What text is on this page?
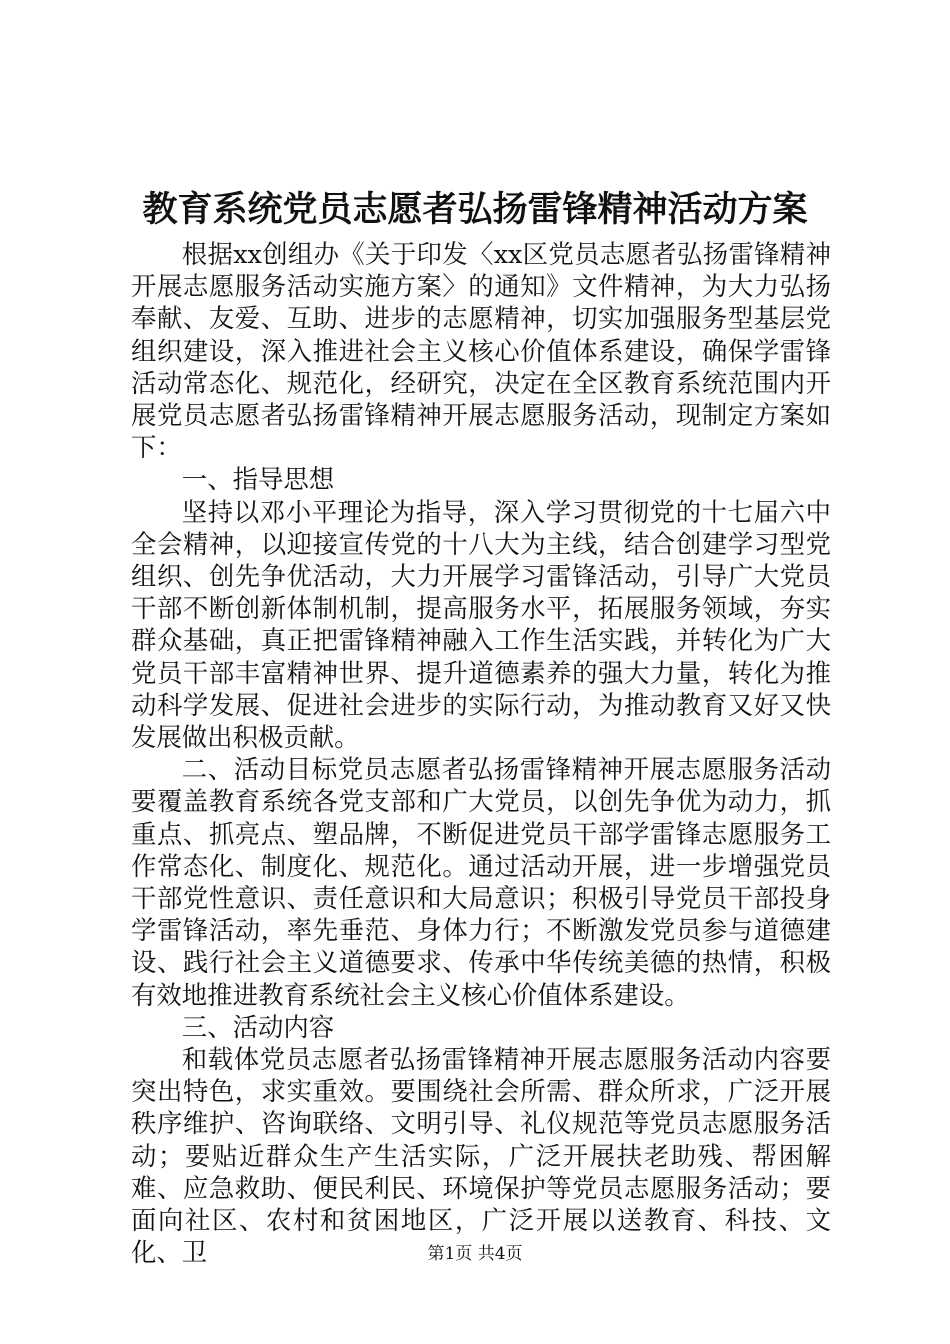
教育系统党员志愿者弘扬雷锋精神活动方案

根据xx创组办《关于印发〈xx区党员志愿者弘扬雷锋精神开展志愿服务活动实施方案〉的通知》文件精神，为大力弘扬奉献、友爱、互助、进步的志愿精神，切实加强服务型基层党组织建设，深入推进社会主义核心价值体系建设，确保学雷锋活动常态化、规范化，经研究，决定在全区教育系统范围内开展党员志愿者弘扬雷锋精神开展志愿服务活动，现制定方案如下：

一、指导思想

坚持以邓小平理论为指导，深入学习贯彻党的十七届六中全会精神，以迎接宣传党的十八大为主线，结合创建学习型党组织、创先争优活动，大力开展学习雷锋活动，引导广大党员干部不断创新体制机制，提高服务水平，拓展服务领域，夯实群众基础，真正把雷锋精神融入工作生活实践，并转化为广大党员干部丰富精神世界、提升道德素养的强大力量，转化为推动科学发展、促进社会进步的实际行动，为推动教育又好又快发展做出积极贡献。

二、活动目标党员志愿者弘扬雷锋精神开展志愿服务活动要覆盖教育系统各党支部和广大党员，以创先争优为动力，抓重点、抓亮点、塑品牌，不断促进党员干部学雷锋志愿服务工作常态化、制度化、规范化。通过活动开展，进一步增强党员干部党性意识、责任意识和大局意识；积极引导党员干部投身学雷锋活动，率先垂范、身体力行；不断激发党员参与道德建设、践行社会主义道德要求、传承中华传统美德的热情，积极有效地推进教育系统社会主义核心价值体系建设。

三、活动内容

和载体党员志愿者弘扬雷锋精神开展志愿服务活动内容要突出特色，求实重效。要围绕社会所需、群众所求，广泛开展秩序维护、咨询联络、文明引导、礼仪规范等党员志愿服务活动；要贴近群众生产生活实际，广泛开展扶老助残、帮困解难、应急救助、便民利民、环境保护等党员志愿服务活动；要面向社区、农村和贫困地区，广泛开展以送教育、科技、文化、卫	第1页 共4页
